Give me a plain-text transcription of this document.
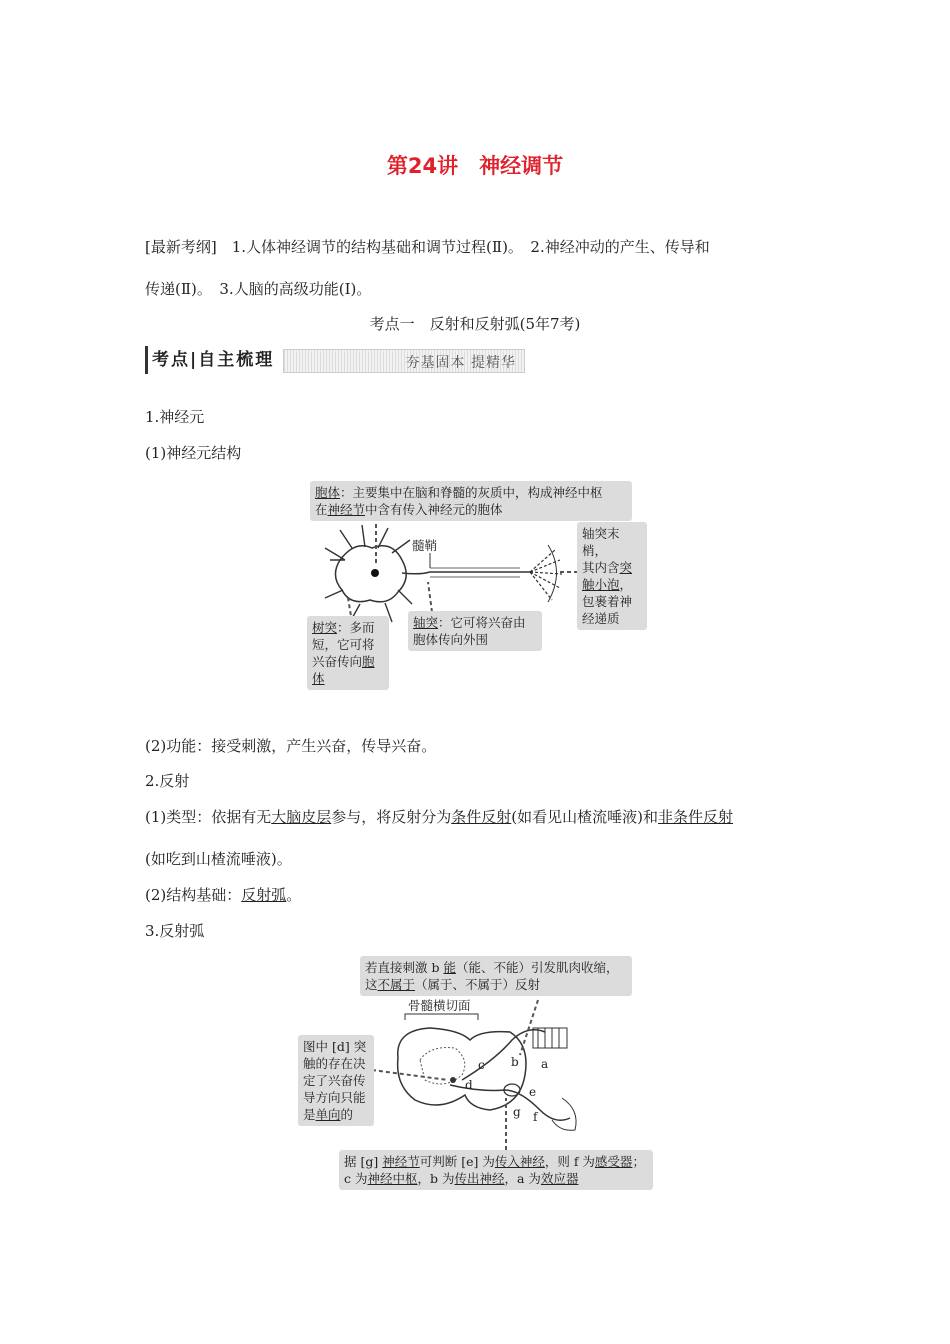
第24讲　神经调节
[最新考纲]　1.人体神经调节的结构基础和调节过程(Ⅱ)。　2.神经冲动的产生、传导和
传递(Ⅱ)。　3.人脑的高级功能(Ⅰ)。
考点一　反射和反射弧(5年7考)
考点|自主梳理	夯基固本 提精华
1.神经元
(1)神经元结构
胞体：主要集中在脑和脊髓的灰质中，构成神经中枢
在神经节中含有传入神经元的胞体
髓鞘
轴突末梢，
其内含突
触小泡，
包裹着神
经递质
树突：多而
短，它可将
兴奋传向胞
体
轴突：它可将兴奋由
胞体传向外围
(2)功能：接受刺激，产生兴奋，传导兴奋。
2.反射
(1)类型：依据有无大脑皮层参与，将反射分为条件反射(如看见山楂流唾液)和非条件反射
(如吃到山楂流唾液)。
(2)结构基础：反射弧。
3.反射弧
若直接刺激 b 能（能、不能）引发肌肉收缩，
这不属于（属于、不属于）反射
骨髓横切面
图中 [d] 突
触的存在决
定了兴奋传
导方向只能
是单向的
据 [g] 神经节可判断 [e] 为传入神经，则 f 为感受器；
c 为神经中枢，b 为传出神经，a 为效应器
a
b
c
d	e
f
g
